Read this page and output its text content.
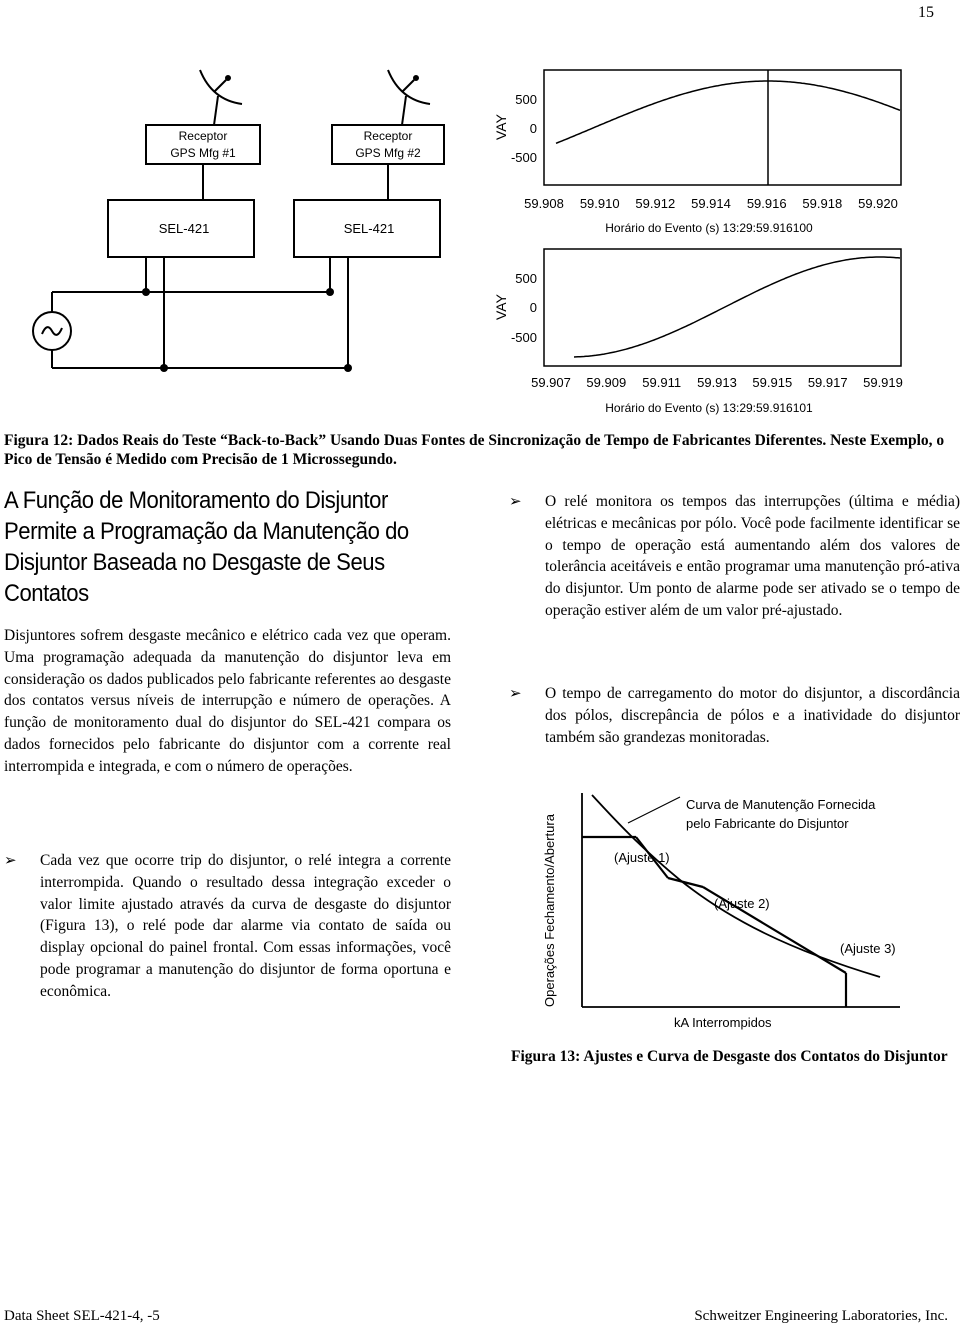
15
Receptor GPS Mfg #1
Receptor GPS Mfg #2
SEL-421	SEL-421
VAY
500
0
-500
59.908 59.910 59.912 59.914 59.916 59.918 59.920
Horário do Evento (s) 13:29:59.916100
VAY
500
0
-500
59.907 59.909 59.911 59.913 59.915 59.917 59.919
Horário do Evento (s) 13:29:59.916101
Figura 12: Dados Reais do Teste “Back-to-Back” Usando Duas Fontes de Sincronização de Tempo de Fabricantes Diferentes. Neste Exemplo, o Pico de Tensão é Medido com Precisão de 1 Microssegundo.
A Função de Monitoramento do Disjuntor Permite a Programação da Manutenção do Disjuntor Baseada no Desgaste de Seus Contatos

Disjuntores sofrem desgaste mecânico e elétrico cada vez que operam. Uma programação adequada da manutenção do disjuntor leva em consideração os dados publicados pelo fabricante referentes ao desgaste dos contatos versus níveis de interrupção e número de operações. A função de monitoramento dual do disjuntor do SEL-421 compara os dados fornecidos pelo fabricante do disjuntor com a corrente real interrompida e integrada, e com o número de operações.

➢	Cada vez que ocorre trip do disjuntor, o relé integra a corrente interrompida. Quando o resultado dessa integração exceder o valor limite ajustado através da curva de desgaste do disjuntor (Figura 13), o relé pode dar alarme via contato de saída ou display opcional do painel frontal. Com essas informações, você pode programar a manutenção do disjuntor de forma oportuna e econômica.

➢	O relé monitora os tempos das interrupções (última e média) elétricas e mecânicas por pólo. Você pode facilmente identificar se o tempo de operação está aumentando além dos valores de tolerância aceitáveis e então programar uma manutenção pró-ativa do disjuntor. Um ponto de alarme pode ser ativado se o tempo de operação estiver além de um valor pré-ajustado.

➢	O tempo de carregamento do motor do disjuntor, a discordância dos pólos, discrepância de pólos e a inatividade do disjuntor também são grandezas monitoradas.

Operações Fechamento/Abertura
Curva de Manutenção Fornecida pelo Fabricante do Disjuntor
(Ajuste 1)
(Ajuste 2)
(Ajuste 3)
kA Interrompidos
Figura 13: Ajustes e Curva de Desgaste dos Contatos do Disjuntor
Data Sheet SEL-421-4, -5	Schweitzer Engineering Laboratories, Inc.
